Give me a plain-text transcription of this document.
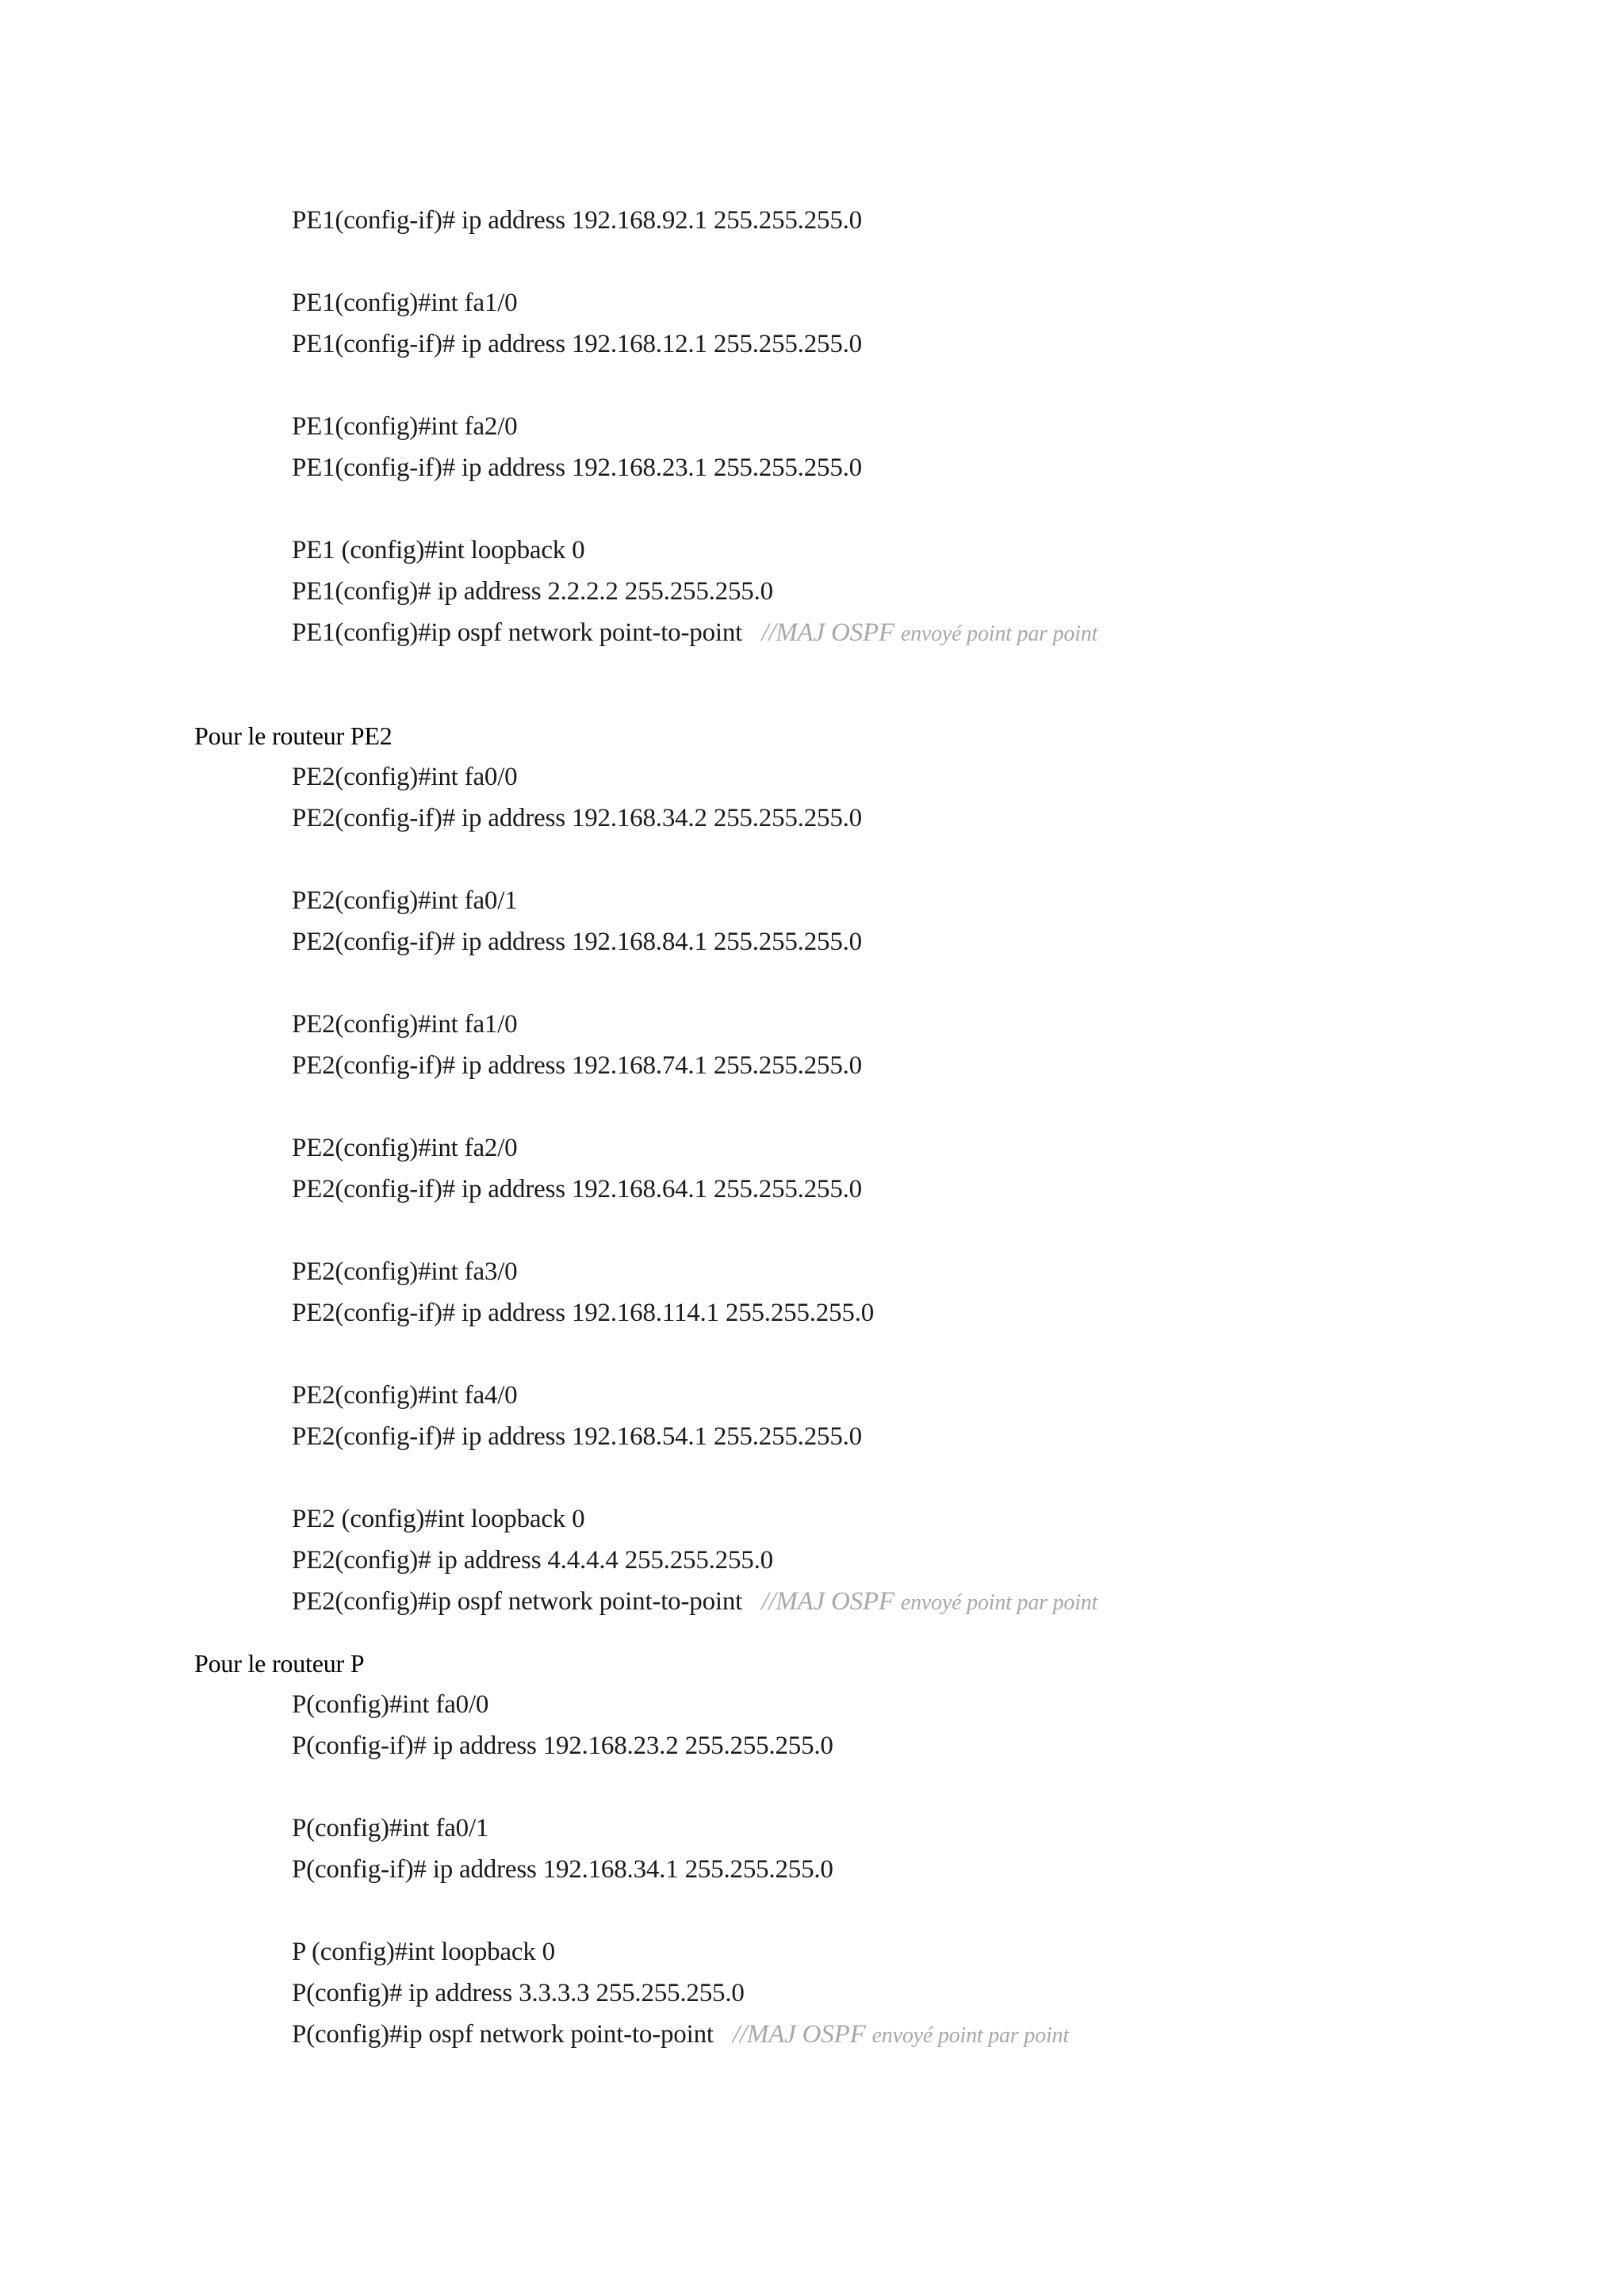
PE1(config-if)# ip address 192.168.92.1 255.255.255.0
PE1(config)#int fa1/0
PE1(config-if)# ip address 192.168.12.1 255.255.255.0
PE1(config)#int fa2/0
PE1(config-if)# ip address 192.168.23.1 255.255.255.0
PE1 (config)#int loopback 0
PE1(config)# ip address 2.2.2.2 255.255.255.0
PE1(config)#ip ospf network point-to-point //MAJ OSPF envoyé point par point
Pour le routeur PE2
PE2(config)#int fa0/0
PE2(config-if)# ip address 192.168.34.2 255.255.255.0
PE2(config)#int fa0/1
PE2(config-if)# ip address 192.168.84.1 255.255.255.0
PE2(config)#int fa1/0
PE2(config-if)# ip address 192.168.74.1 255.255.255.0
PE2(config)#int fa2/0
PE2(config-if)# ip address 192.168.64.1 255.255.255.0
PE2(config)#int fa3/0
PE2(config-if)# ip address 192.168.114.1 255.255.255.0
PE2(config)#int fa4/0
PE2(config-if)# ip address 192.168.54.1 255.255.255.0
PE2 (config)#int loopback 0
PE2(config)# ip address 4.4.4.4 255.255.255.0
PE2(config)#ip ospf network point-to-point //MAJ OSPF envoyé point par point
Pour le routeur P
P(config)#int fa0/0
P(config-if)# ip address 192.168.23.2 255.255.255.0
P(config)#int fa0/1
P(config-if)# ip address 192.168.34.1 255.255.255.0
P (config)#int loopback 0
P(config)# ip address 3.3.3.3 255.255.255.0
P(config)#ip ospf network point-to-point //MAJ OSPF envoyé point par point
